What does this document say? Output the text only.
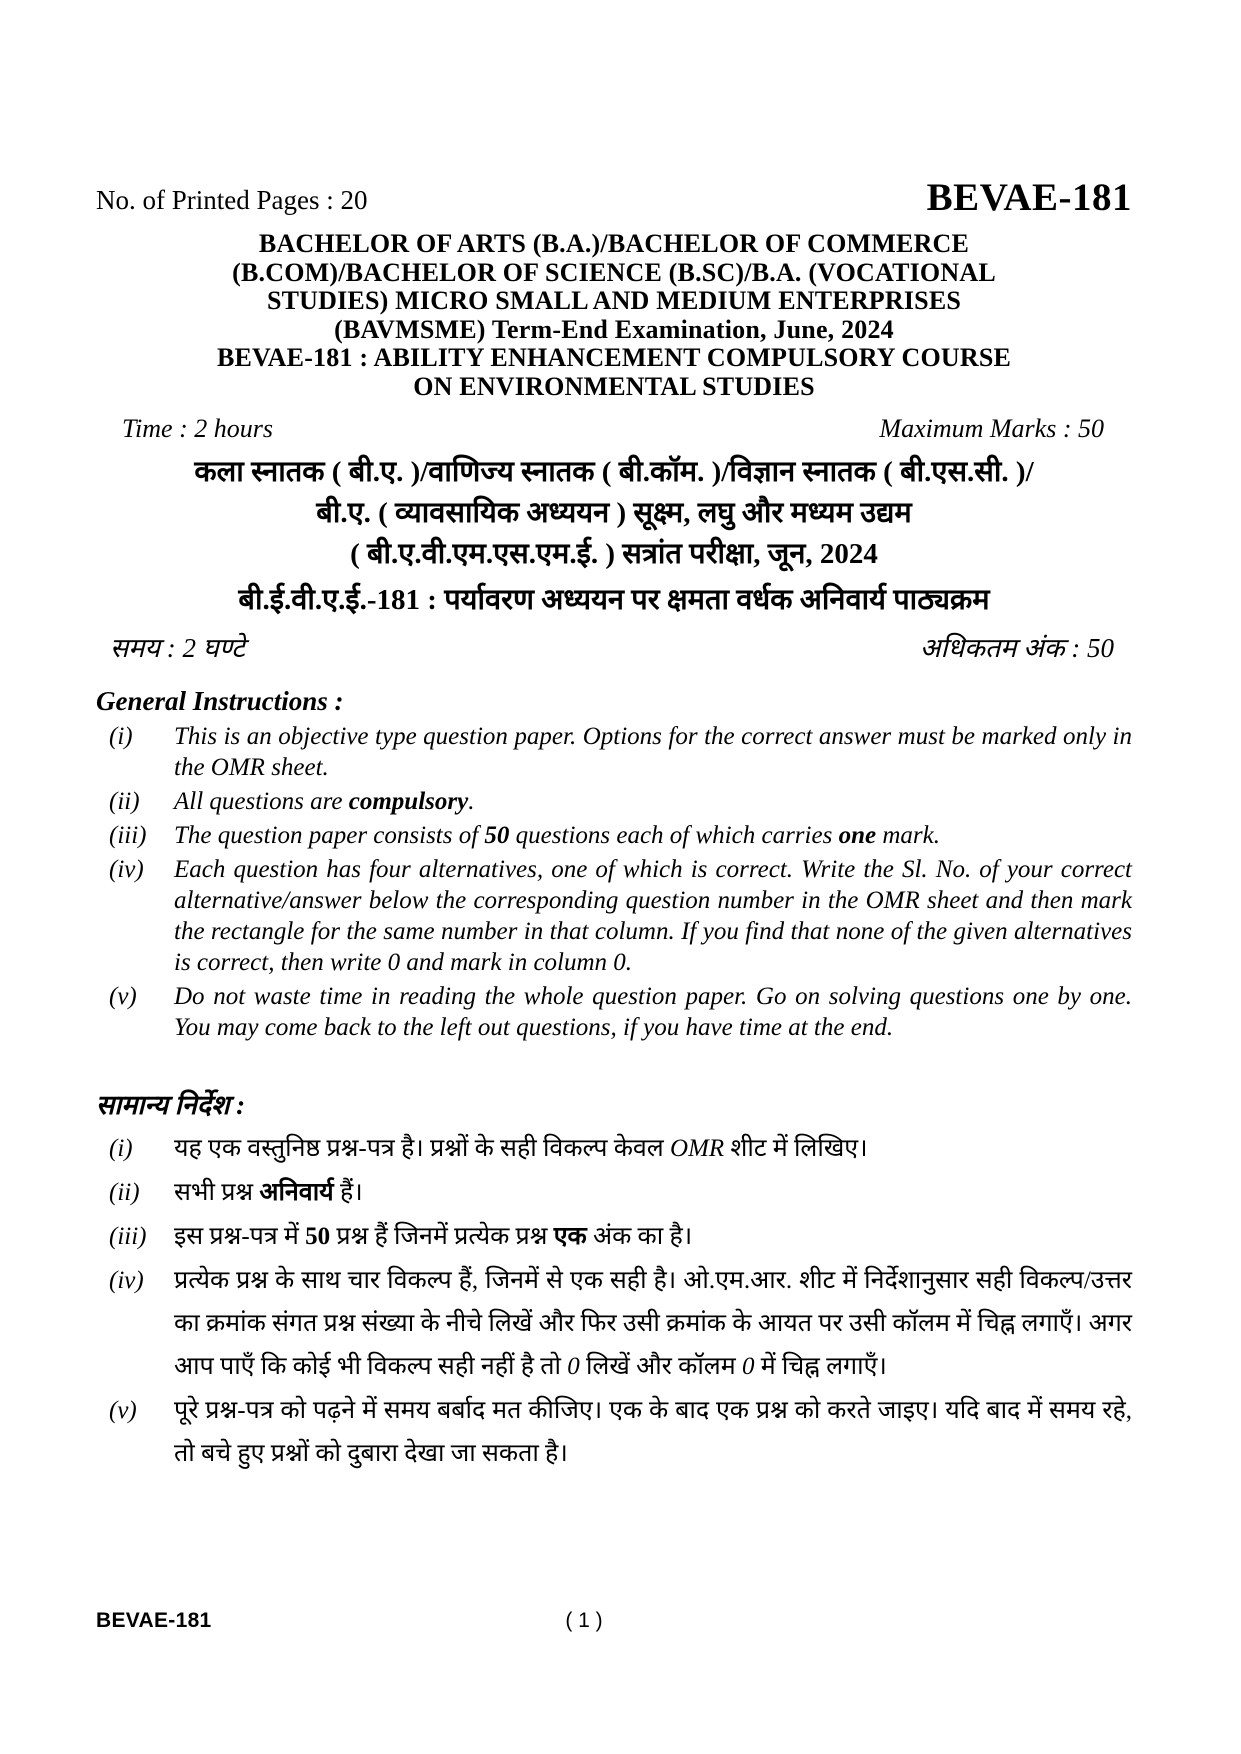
No. of Printed Pages : 20	BEVAE-181
BACHELOR OF ARTS (B.A.)/BACHELOR OF COMMERCE
(B.COM)/BACHELOR OF SCIENCE (B.SC)/B.A. (VOCATIONAL
STUDIES) MICRO SMALL AND MEDIUM ENTERPRISES
(BAVMSME) Term-End Examination, June, 2024
BEVAE-181 : ABILITY ENHANCEMENT COMPULSORY COURSE
ON ENVIRONMENTAL STUDIES
Time : 2 hours	Maximum Marks : 50
कला स्नातक ( बी.ए. )/वाणिज्य स्नातक ( बी.कॉम. )/विज्ञान स्नातक ( बी.एस.सी. )/
बी.ए. ( व्यावसायिक अध्ययन ) सूक्ष्म, लघु और मध्यम उद्यम
( बी.ए.वी.एम.एस.एम.ई. ) सत्रांत परीक्षा, जून, 2024
बी.ई.वी.ए.ई.-181 : पर्यावरण अध्ययन पर क्षमता वर्धक अनिवार्य पाठ्यक्रम
समय : 2 घण्टे	अधिकतम अंक : 50
General Instructions :
(i)	This is an objective type question paper. Options for the correct answer must be marked only in the OMR sheet.
(ii)	All questions are compulsory.
(iii)	The question paper consists of 50 questions each of which carries one mark.
(iv)	Each question has four alternatives, one of which is correct. Write the Sl. No. of your correct alternative/answer below the corresponding question number in the OMR sheet and then mark the rectangle for the same number in that column. If you find that none of the given alternatives is correct, then write 0 and mark in column 0.
(v)	Do not waste time in reading the whole question paper. Go on solving questions one by one. You may come back to the left out questions, if you have time at the end.
सामान्य निर्देश :
(i)	यह एक वस्तुनिष्ठ प्रश्न-पत्र है। प्रश्नों के सही विकल्प केवल OMR शीट में लिखिए।
(ii)	सभी प्रश्न अनिवार्य हैं।
(iii)	इस प्रश्न-पत्र में 50 प्रश्न हैं जिनमें प्रत्येक प्रश्न एक अंक का है।
(iv)	प्रत्येक प्रश्न के साथ चार विकल्प हैं, जिनमें से एक सही है। ओ.एम.आर. शीट में निर्देशानुसार सही विकल्प/उत्तर का क्रमांक संगत प्रश्न संख्या के नीचे लिखें और फिर उसी क्रमांक के आयत पर उसी कॉलम में चिह्न लगाएँ। अगर आप पाएँ कि कोई भी विकल्प सही नहीं है तो 0 लिखें और कॉलम 0 में चिह्न लगाएँ।
(v)	पूरे प्रश्न-पत्र को पढ़ने में समय बर्बाद मत कीजिए। एक के बाद एक प्रश्न को करते जाइए। यदि बाद में समय रहे, तो बचे हुए प्रश्नों को दुबारा देखा जा सकता है।
BEVAE-181	( 1 )
